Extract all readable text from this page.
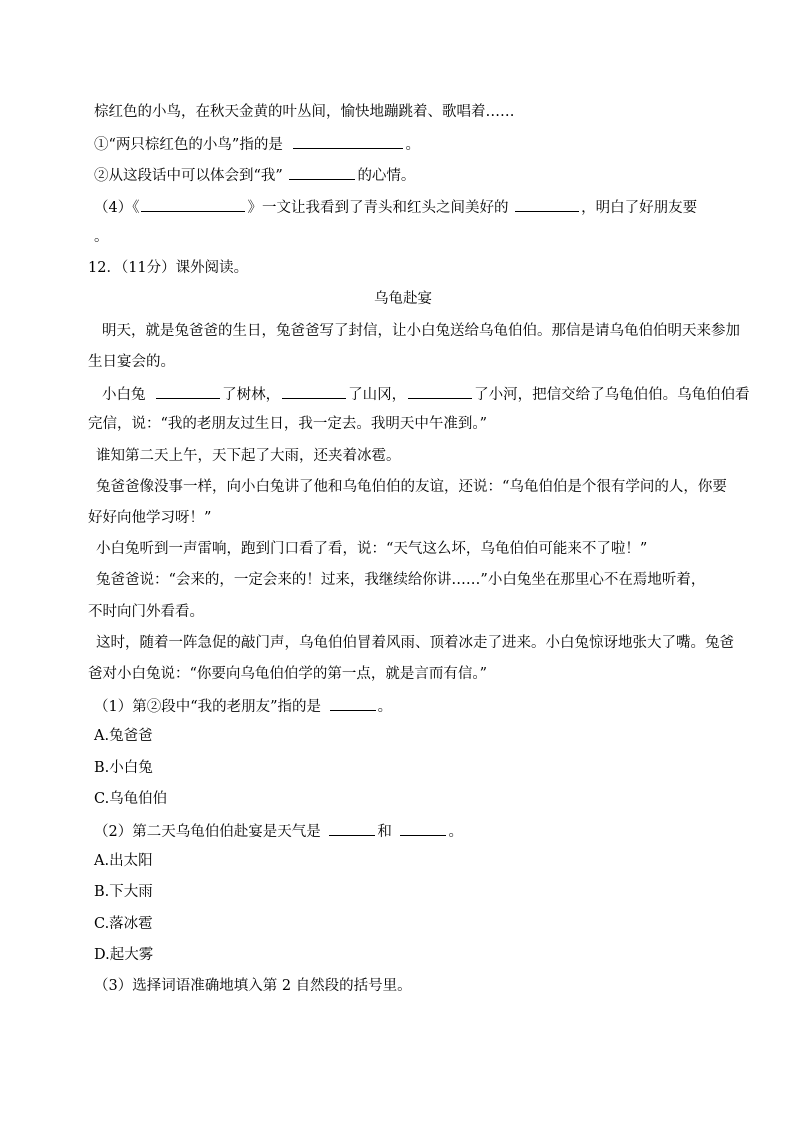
棕红色的小鸟，在秋天金黄的叶丛间，愉快地蹦跳着、歌唱着……
①“两只棕红色的小鸟”指的是	。
②从这段话中可以体会到“我”	的心情。
（4）《	》一文让我看到了青头和红头之间美好的	，明白了好朋友要
。
12．（11分）课外阅读。
乌龟赴宴
明天，就是兔爸爸的生日，兔爸爸写了封信，让小白兔送给乌龟伯伯。那信是请乌龟伯伯明天来参加
生日宴会的。
小白兔	了树林，	了山冈，	了小河，把信交给了乌龟伯伯。乌龟伯伯看
完信，说：“我的老朋友过生日，我一定去。我明天中午准到。”
谁知第二天上午，天下起了大雨，还夹着冰雹。
兔爸爸像没事一样，向小白兔讲了他和乌龟伯伯的友谊，还说：“乌龟伯伯是个很有学问的人，你要
好好向他学习呀！”
小白兔听到一声雷响，跑到门口看了看，说：“天气这么坏，乌龟伯伯可能来不了啦！”
兔爸爸说：“会来的，一定会来的！过来，我继续给你讲……”小白兔坐在那里心不在焉地听着，
不时向门外看看。
这时，随着一阵急促的敲门声，乌龟伯伯冒着风雨、顶着冰走了进来。小白兔惊讶地张大了嘴。兔爸
爸对小白兔说：“你要向乌龟伯伯学的第一点，就是言而有信。”
（1）第②段中“我的老朋友”指的是	。
A.兔爸爸
B.小白兔
C.乌龟伯伯
（2）第二天乌龟伯伯赴宴是天气是	和	。
A.出太阳
B.下大雨
C.落冰雹
D.起大雾
（3）选择词语准确地填入第 2 自然段的括号里。
